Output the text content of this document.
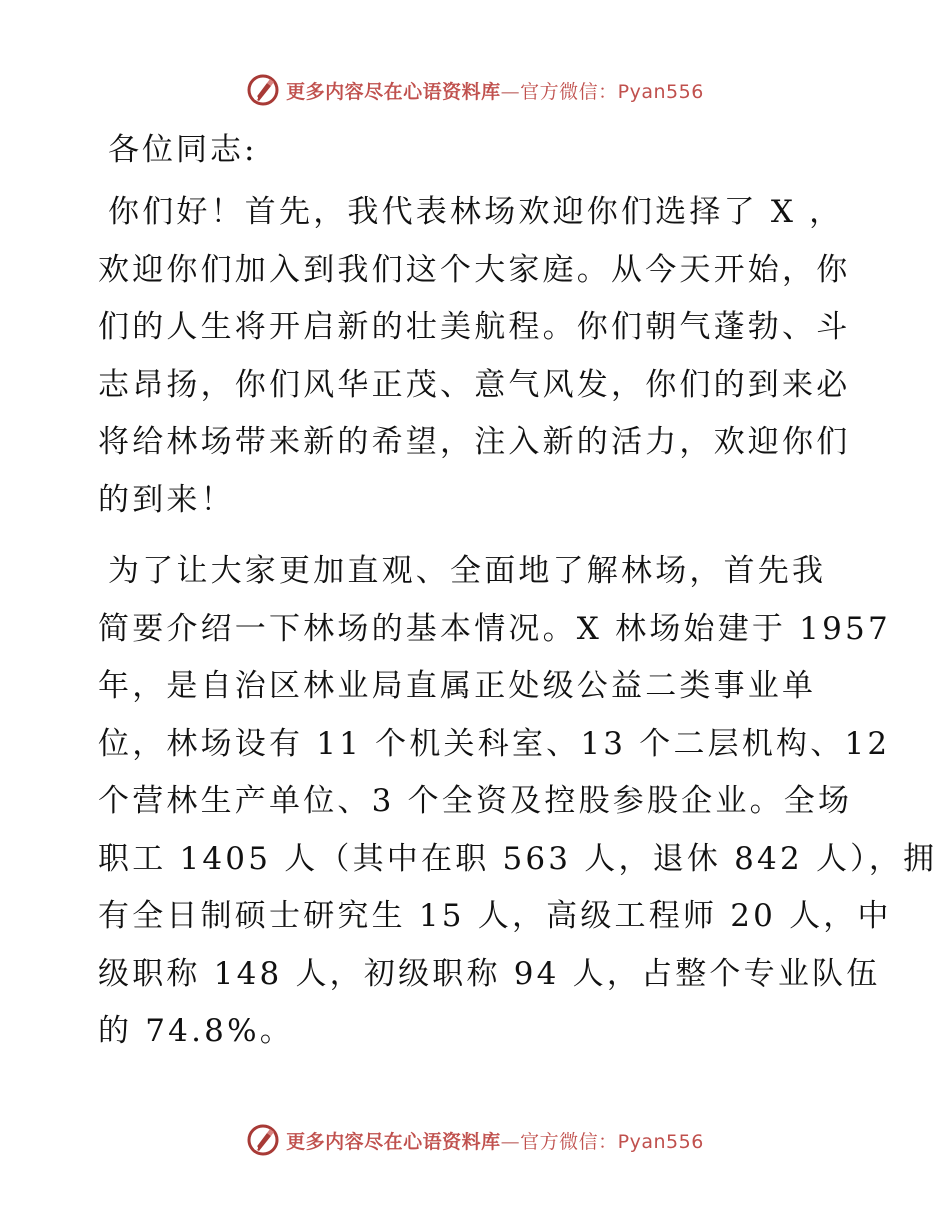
更多内容尽在心语资料库—官方微信：Pyan556
各位同志:
你们好！首先，我代表林场欢迎你们选择了 X ，
欢迎你们加入到我们这个大家庭。从今天开始，你
们的人生将开启新的壮美航程。你们朝气蓬勃、斗
志昂扬，你们风华正茂、意气风发，你们的到来必
将给林场带来新的希望，注入新的活力，欢迎你们
的到来！
为了让大家更加直观、全面地了解林场，首先我
简要介绍一下林场的基本情况。X 林场始建于 1957
年，是自治区林业局直属正处级公益二类事业单
位，林场设有 11 个机关科室、13 个二层机构、12
个营林生产单位、3 个全资及控股参股企业。全场
职工 1405 人（其中在职 563 人，退休 842 人），拥
有全日制硕士研究生 15 人，高级工程师 20 人，中
级职称 148 人，初级职称 94 人，占整个专业队伍
的 74.8%。
更多内容尽在心语资料库—官方微信：Pyan556
